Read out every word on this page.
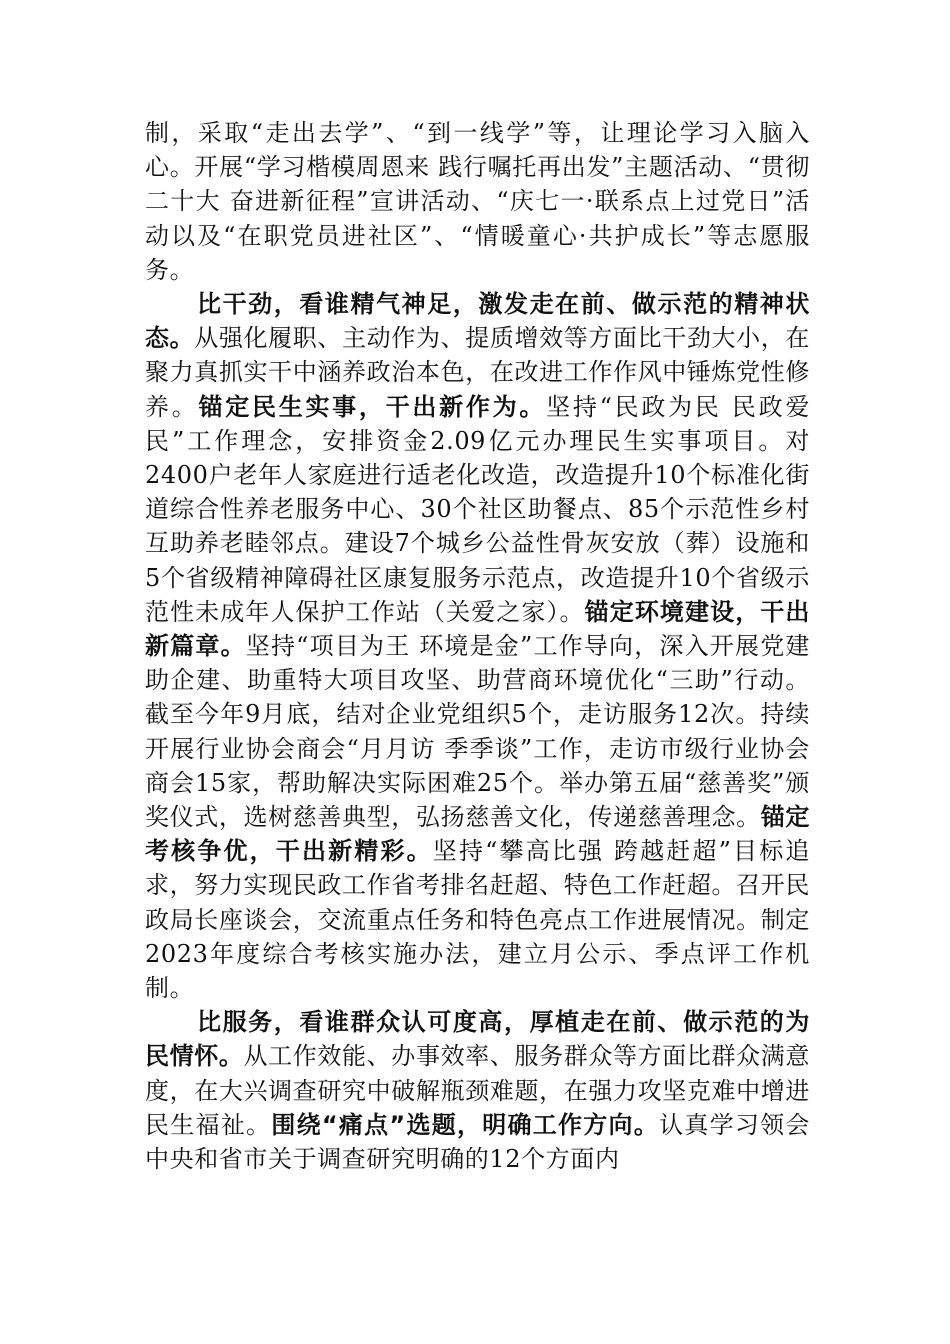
制，采取“走出去学”、“到一线学”等，让理论学习入脑入心。开展“学习楷模周恩来 践行嘱托再出发”主题活动、“贯彻二十大 奋进新征程”宣讲活动、“庆七一·联系点上过党日”活动以及“在职党员进社区”、“情暖童心·共护成长”等志愿服务。

比干劲，看谁精气神足，激发走在前、做示范的精神状态。从强化履职、主动作为、提质增效等方面比干劲大小，在聚力真抓实干中涵养政治本色，在改进工作作风中锤炼党性修养。锚定民生实事，干出新作为。坚持“民政为民 民政爱民”工作理念，安排资金2.09亿元办理民生实事项目。对2400户老年人家庭进行适老化改造，改造提升10个标准化街道综合性养老服务中心、30个社区助餐点、85个示范性乡村互助养老睦邻点。建设7个城乡公益性骨灰安放（葬）设施和5个省级精神障碍社区康复服务示范点，改造提升10个省级示范性未成年人保护工作站（关爱之家）。锚定环境建设，干出新篇章。坚持“项目为王 环境是金”工作导向，深入开展党建助企建、助重特大项目攻坚、助营商环境优化“三助”行动。截至今年9月底，结对企业党组织5个，走访服务12次。持续开展行业协会商会“月月访 季季谈”工作，走访市级行业协会商会15家，帮助解决实际困难25个。举办第五届“慈善奖”颁奖仪式，选树慈善典型，弘扬慈善文化，传递慈善理念。锚定考核争优，干出新精彩。坚持“攀高比强 跨越赶超”目标追求，努力实现民政工作省考排名赶超、特色工作赶超。召开民政局长座谈会，交流重点任务和特色亮点工作进展情况。制定2023年度综合考核实施办法，建立月公示、季点评工作机制。

比服务，看谁群众认可度高，厚植走在前、做示范的为民情怀。从工作效能、办事效率、服务群众等方面比群众满意度，在大兴调查研究中破解瓶颈难题，在强力攻坚克难中增进民生福祉。围绕“痛点”选题，明确工作方向。认真学习领会中央和省市关于调查研究明确的12个方面内
